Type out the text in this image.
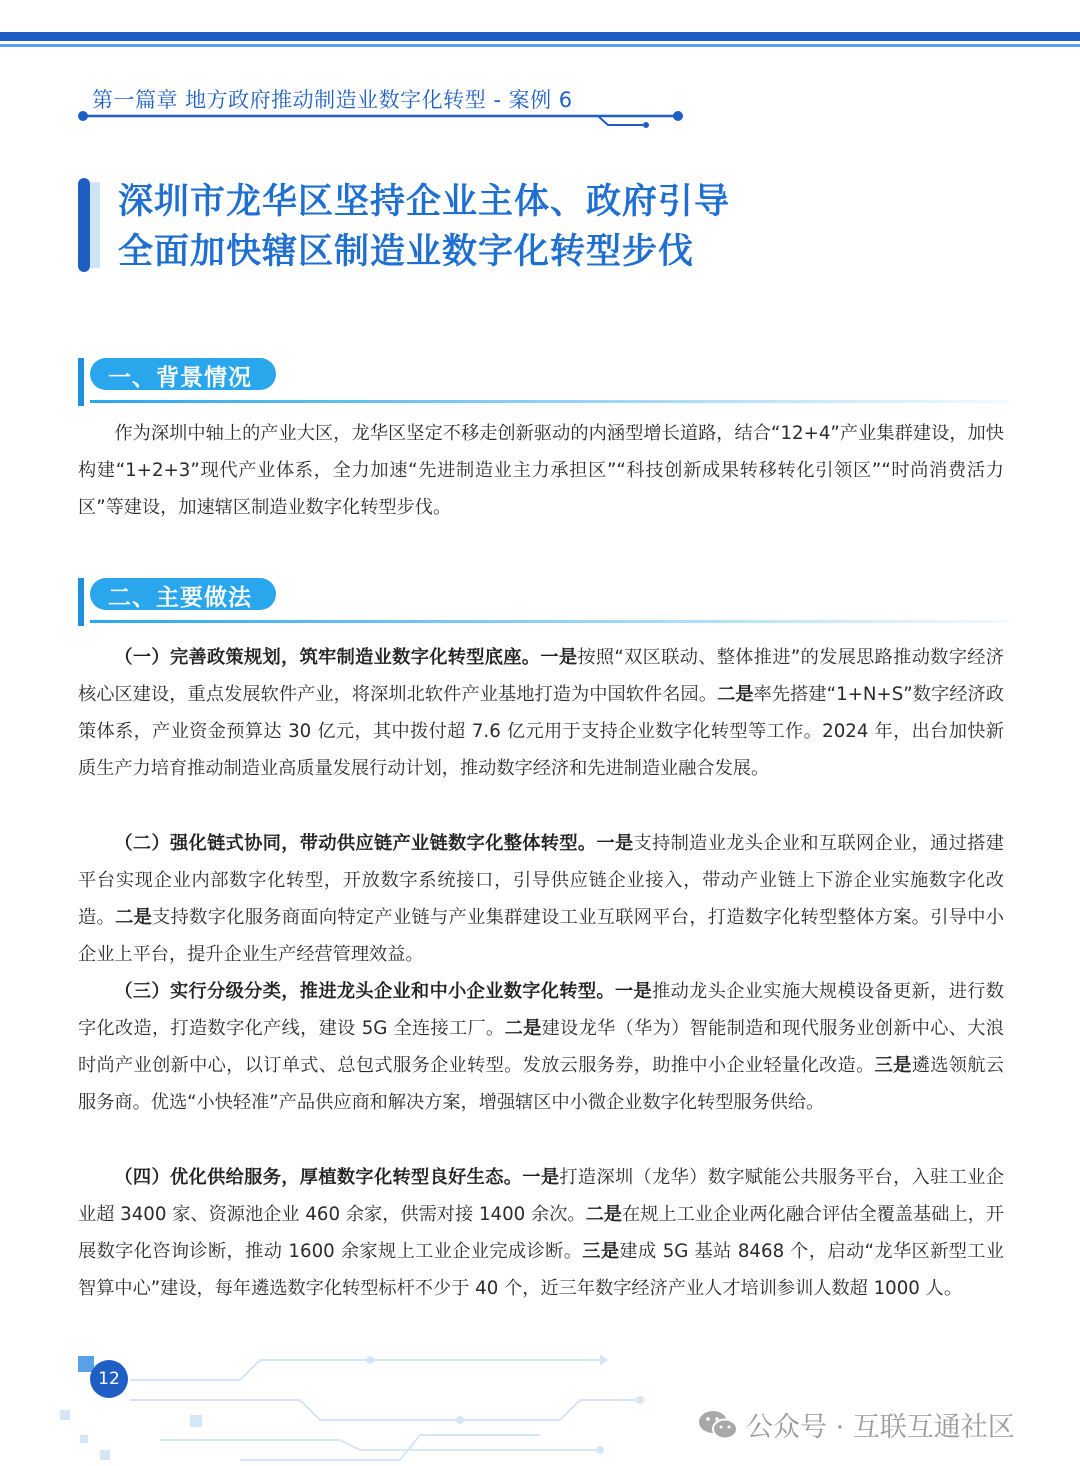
第一篇章 地方政府推动制造业数字化转型 - 案例 6
深圳市龙华区坚持企业主体、政府引导
全面加快辖区制造业数字化转型步伐
一、背景情况

作为深圳中轴上的产业大区，龙华区坚定不移走创新驱动的内涵型增长道路，结合“12+4”产业集群建设，加快构建“1+2+3”现代产业体系，全力加速“先进制造业主力承担区”“科技创新成果转移转化引领区”“时尚消费活力区”等建设，加速辖区制造业数字化转型步伐。

二、主要做法

（一）完善政策规划，筑牢制造业数字化转型底座。一是按照“双区联动、整体推进”的发展思路推动数字经济核心区建设，重点发展软件产业，将深圳北软件产业基地打造为中国软件名园。二是率先搭建“1+N+S”数字经济政策体系，产业资金预算达 30 亿元，其中拨付超 7.6 亿元用于支持企业数字化转型等工作。2024 年，出台加快新质生产力培育推动制造业高质量发展行动计划，推动数字经济和先进制造业融合发展。

（二）强化链式协同，带动供应链产业链数字化整体转型。一是支持制造业龙头企业和互联网企业，通过搭建平台实现企业内部数字化转型，开放数字系统接口，引导供应链企业接入，带动产业链上下游企业实施数字化改造。二是支持数字化服务商面向特定产业链与产业集群建设工业互联网平台，打造数字化转型整体方案。引导中小企业上平台，提升企业生产经营管理效益。

（三）实行分级分类，推进龙头企业和中小企业数字化转型。一是推动龙头企业实施大规模设备更新，进行数字化改造，打造数字化产线，建设 5G 全连接工厂。二是建设龙华（华为）智能制造和现代服务业创新中心、大浪时尚产业创新中心，以订单式、总包式服务企业转型。发放云服务券，助推中小企业轻量化改造。三是遴选领航云服务商。优选“小快轻准”产品供应商和解决方案，增强辖区中小微企业数字化转型服务供给。

（四）优化供给服务，厚植数字化转型良好生态。一是打造深圳（龙华）数字赋能公共服务平台，入驻工业企业超 3400 家、资源池企业 460 余家，供需对接 1400 余次。二是在规上工业企业两化融合评估全覆盖基础上，开展数字化咨询诊断，推动 1600 余家规上工业企业完成诊断。三是建成 5G 基站 8468 个，启动“龙华区新型工业智算中心”建设，每年遴选数字化转型标杆不少于 40 个，近三年数字经济产业人才培训参训人数超 1000 人。

12
公众号 · 互联互通社区
